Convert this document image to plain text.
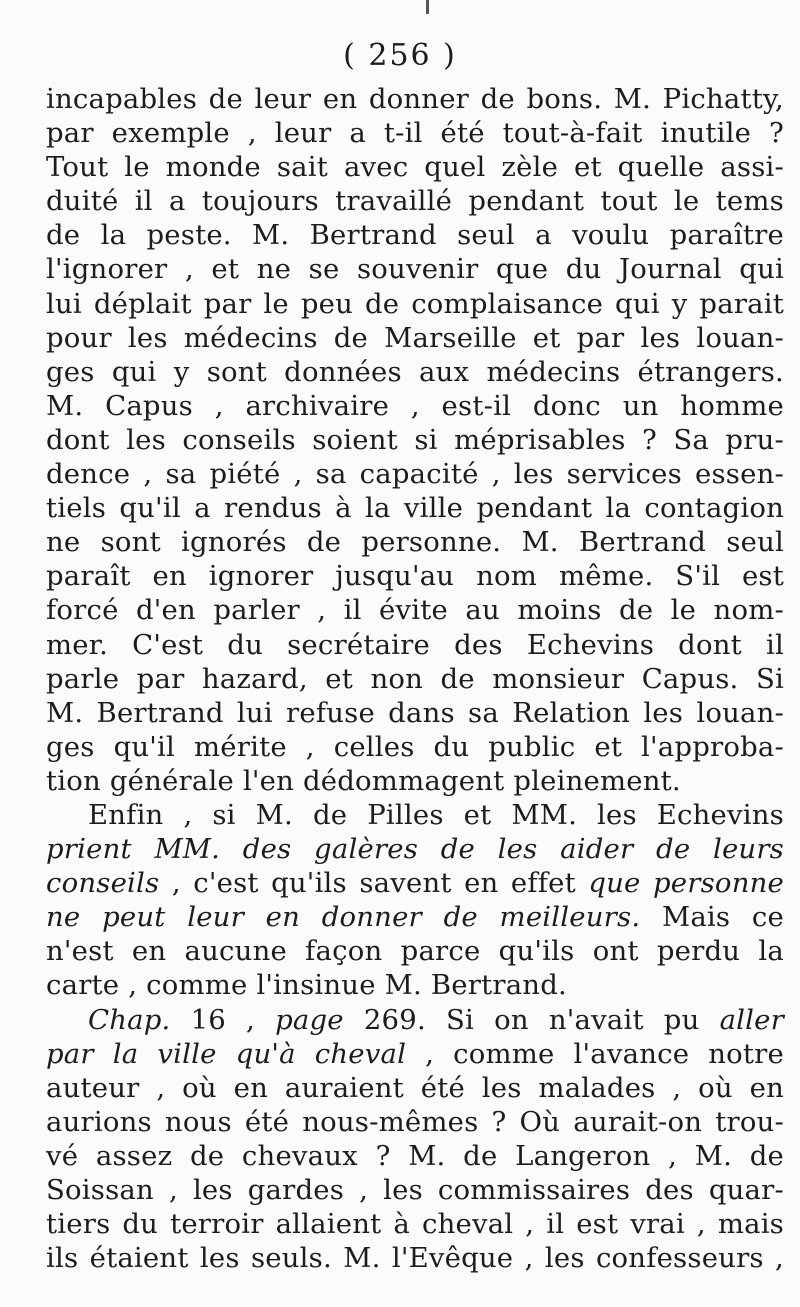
( 256 )
incapables de leur en donner de bons. M. Pichatty,
par exemple , leur a t-il été tout-à-fait inutile ?
Tout le monde sait avec quel zèle et quelle assi-
duité il a toujours travaillé pendant tout le tems
de la peste. M. Bertrand seul a voulu paraître
l'ignorer , et ne se souvenir que du Journal qui
lui déplait par le peu de complaisance qui y parait
pour les médecins de Marseille et par les louan-
ges qui y sont données aux médecins étrangers.
M. Capus , archivaire , est-il donc un homme
dont les conseils soient si méprisables ? Sa pru-
dence , sa piété , sa capacité , les services essen-
tiels qu'il a rendus à la ville pendant la contagion
ne sont ignorés de personne. M. Bertrand seul
paraît en ignorer jusqu'au nom même. S'il est
forcé d'en parler , il évite au moins de le nom-
mer. C'est du secrétaire des Echevins dont il
parle par hazard, et non de monsieur Capus. Si
M. Bertrand lui refuse dans sa Relation les louan-
ges qu'il mérite , celles du public et l'approba-
tion générale l'en dédommagent pleinement.
Enfin , si M. de Pilles et MM. les Echevins
prient MM. des galères de les aider de leurs
conseils , c'est qu'ils savent en effet que personne
ne peut leur en donner de meilleurs. Mais ce
n'est en aucune façon parce qu'ils ont perdu la
carte , comme l'insinue M. Bertrand.
Chap. 16 , page 269. Si on n'avait pu aller
par la ville qu'à cheval , comme l'avance notre
auteur , où en auraient été les malades , où en
aurions nous été nous-mêmes ? Où aurait-on trou-
vé assez de chevaux ? M. de Langeron , M. de
Soissan , les gardes , les commissaires des quar-
tiers du terroir allaient à cheval , il est vrai , mais
ils étaient les seuls. M. l'Evêque , les confesseurs ,
